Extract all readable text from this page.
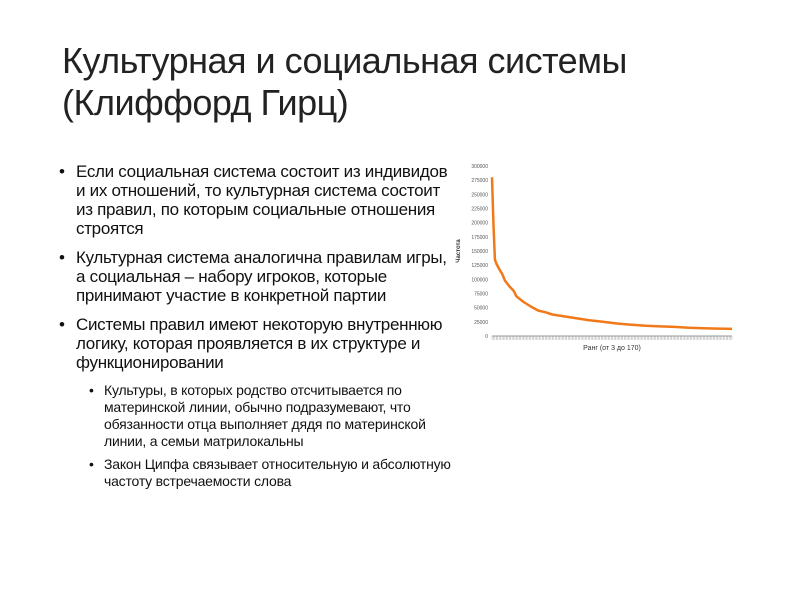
Культурная и социальная системы
(Клиффорд Гирц)
• Если социальная система состоит из индивидов и их отношений, то культурная система состоит из правил, по которым социальные отношения строятся
• Культурная система аналогична правилам игры, а социальная – набору игроков, которые принимают участие в конкретной партии
• Системы правил имеют некоторую внутреннюю логику, которая проявляется в их структуре и функционировании
• Культуры, в которых родство отсчитывается по материнской линии, обычно подразумевают, что обязанности отца выполняет дядя по материнской линии, а семьи матрилокальны
• Закон Ципфа связывает относительную и абсолютную частоту встречаемости слова
0
25000
50000
75000
100000
125000
150000
175000
200000
225000
250000
275000
300000
Частота
Ранг (от 3 до 170)
